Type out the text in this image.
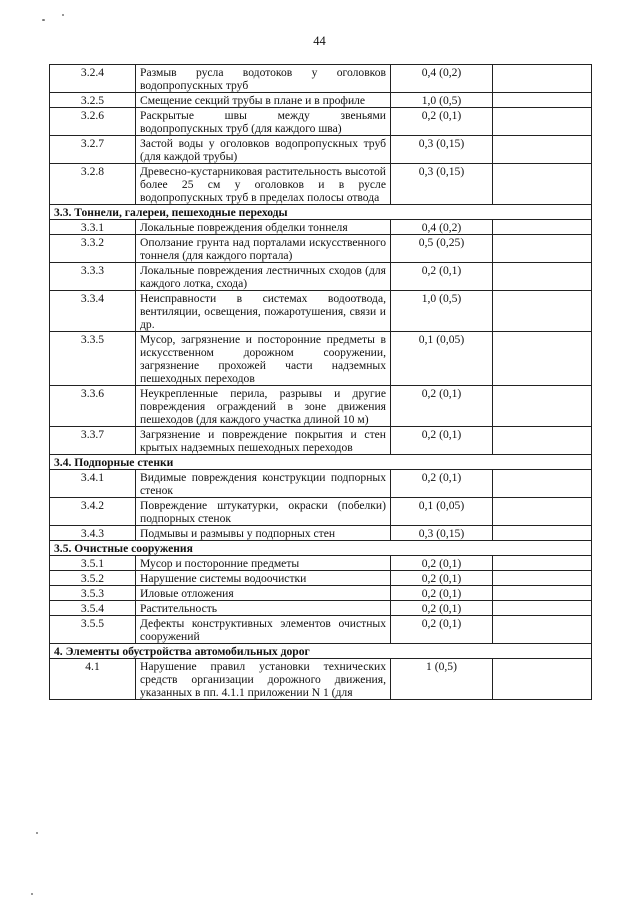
44
3.2.4	Размыв русла водотоков у оголовков водопропускных труб	0,4 (0,2)	
3.2.5	Смещение секций трубы в плане и в профиле	1,0 (0,5)	
3.2.6	Раскрытые швы между звеньями водопропускных труб (для каждого шва)	0,2 (0,1)	
3.2.7	Застой воды у оголовков водопропускных труб (для каждой трубы)	0,3 (0,15)	
3.2.8	Древесно-кустарниковая растительность высотой более 25 см у оголовков и в русле водопропускных труб в пределах полосы отвода	0,3 (0,15)	
3.3. Тоннели, галереи, пешеходные переходы			
3.3.1	Локальные повреждения обделки тоннеля	0,4 (0,2)	
3.3.2	Оползание грунта над порталами искусственного тоннеля (для каждого портала)	0,5 (0,25)	
3.3.3	Локальные повреждения лестничных сходов (для каждого лотка, схода)	0,2 (0,1)	
3.3.4	Неисправности в системах водоотвода, вентиляции, освещения, пожаротушения, связи и др.	1,0 (0,5)	
3.3.5	Мусор, загрязнение и посторонние предметы в искусственном дорожном сооружении, загрязнение прохожей части надземных пешеходных переходов	0,1 (0,05)	
3.3.6	Неукрепленные перила, разрывы и другие повреждения ограждений в зоне движения пешеходов (для каждого участка длиной 10 м)	0,2 (0,1)	
3.3.7	Загрязнение и повреждение покрытия и стен крытых надземных пешеходных переходов	0,2 (0,1)	
3.4. Подпорные стенки			
3.4.1	Видимые повреждения конструкции подпорных стенок	0,2 (0,1)	
3.4.2	Повреждение штукатурки, окраски (побелки) подпорных стенок	0,1 (0,05)	
3.4.3	Подмывы и размывы у подпорных стен	0,3 (0,15)	
3.5. Очистные сооружения			
3.5.1	Мусор и посторонние предметы	0,2 (0,1)	
3.5.2	Нарушение системы водоочистки	0,2 (0,1)	
3.5.3	Иловые отложения	0,2 (0,1)	
3.5.4	Растительность	0,2 (0,1)	
3.5.5	Дефекты конструктивных элементов очистных сооружений	0,2 (0,1)	
4. Элементы обустройства автомобильных дорог			
4.1	Нарушение правил установки технических средств организации дорожного движения, указанных в пп. 4.1.1 приложении N 1 (для	1 (0,5)	
